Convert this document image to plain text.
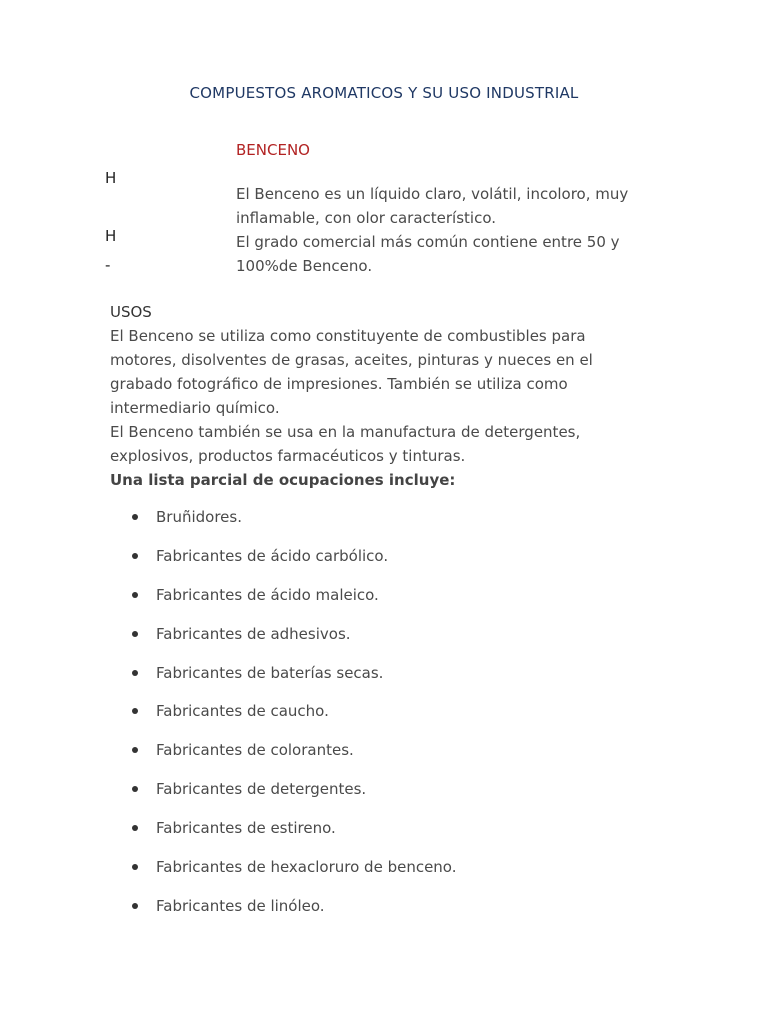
COMPUESTOS AROMATICOS Y SU USO INDUSTRIAL
BENCENO
H
H
-

El Benceno es un líquido claro, volátil, incoloro, muy inflamable, con olor característico.

El grado comercial más común contiene entre 50 y 100%de Benceno.

USOS

El Benceno se utiliza como constituyente de combustibles para motores, disolventes de grasas, aceites, pinturas y nueces en el grabado fotográfico de impresiones. También se utiliza como intermediario químico.

El Benceno también se usa en la manufactura de detergentes, explosivos, productos farmacéuticos y tinturas.

Una lista parcial de ocupaciones incluye:

Bruñidores.
Fabricantes de ácido carbólico.
Fabricantes de ácido maleico.
Fabricantes de adhesivos.
Fabricantes de baterías secas.
Fabricantes de caucho.
Fabricantes de colorantes.
Fabricantes de detergentes.
Fabricantes de estireno.
Fabricantes de hexacloruro de benceno.
Fabricantes de linóleo.
